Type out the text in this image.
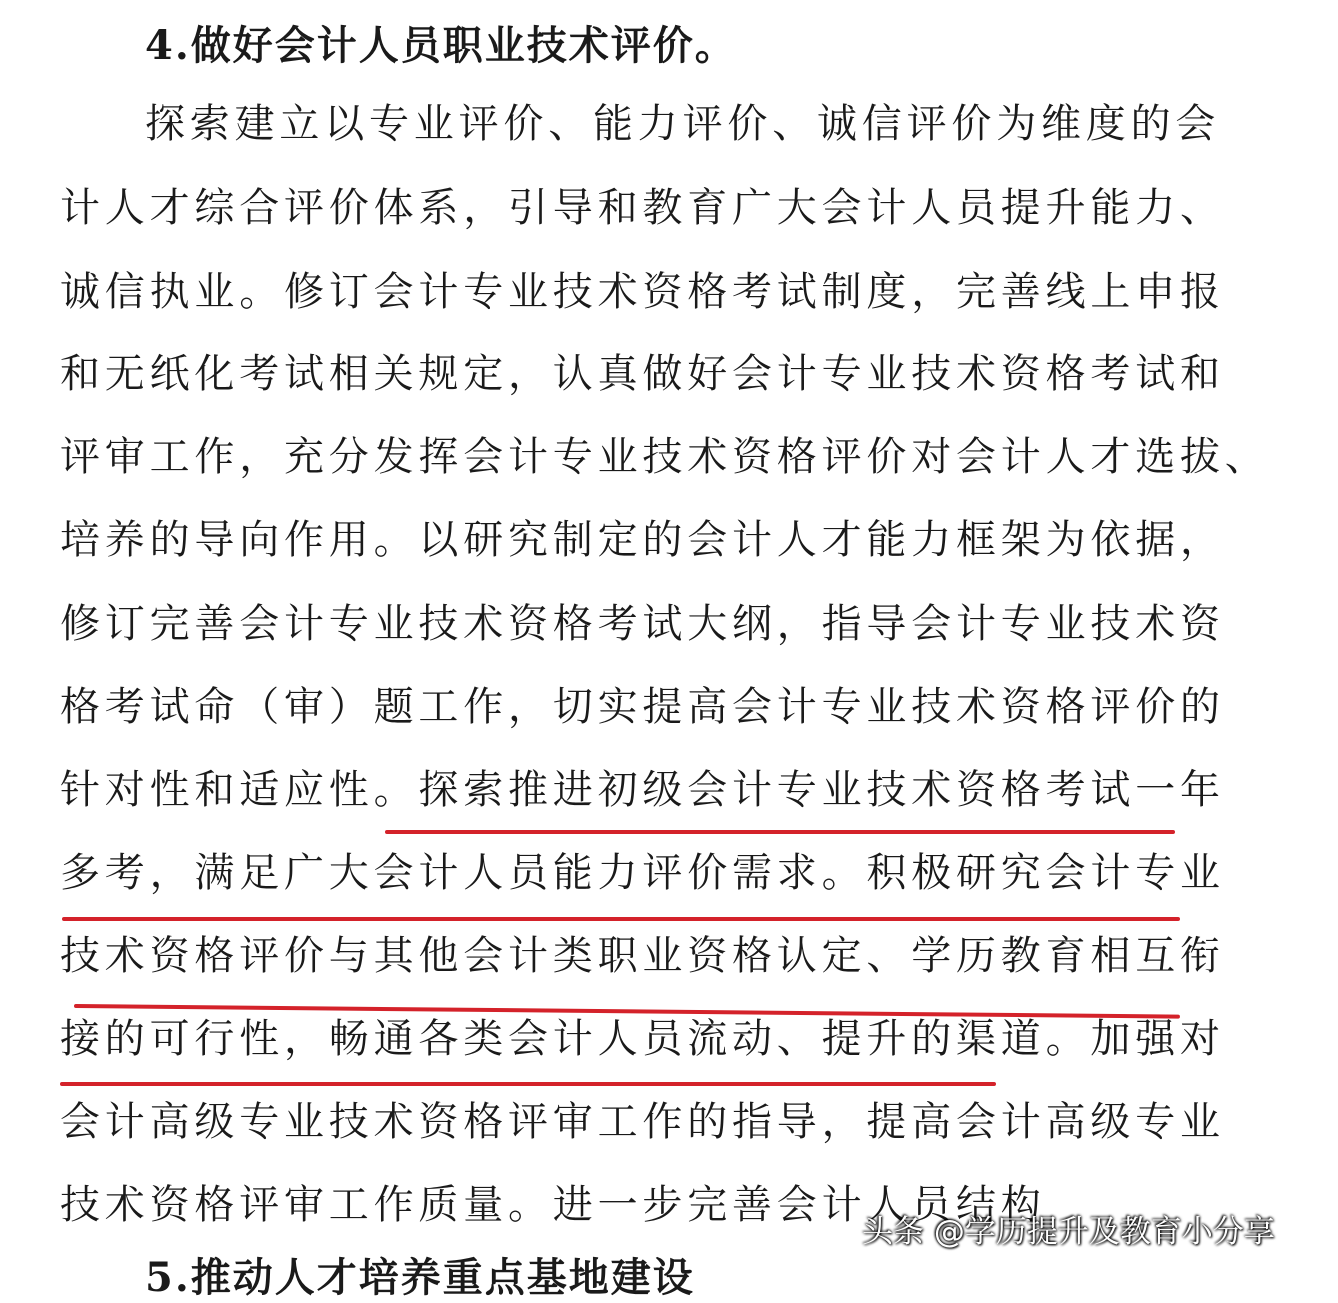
4.做好会计人员职业技术评价。
探索建立以专业评价、能力评价、诚信评价为维度的会
计人才综合评价体系，引导和教育广大会计人员提升能力、
诚信执业。修订会计专业技术资格考试制度，完善线上申报
和无纸化考试相关规定，认真做好会计专业技术资格考试和
评审工作，充分发挥会计专业技术资格评价对会计人才选拔、
培养的导向作用。以研究制定的会计人才能力框架为依据，
修订完善会计专业技术资格考试大纲，指导会计专业技术资
格考试命（审）题工作，切实提高会计专业技术资格评价的
针对性和适应性。探索推进初级会计专业技术资格考试一年
多考，满足广大会计人员能力评价需求。积极研究会计专业
技术资格评价与其他会计类职业资格认定、学历教育相互衔
接的可行性，畅通各类会计人员流动、提升的渠道。加强对
会计高级专业技术资格评审工作的指导，提高会计高级专业
技术资格评审工作质量。进一步完善会计人员结构
5.推动人才培养重点基地建设
头条 @学历提升及教育小分享
